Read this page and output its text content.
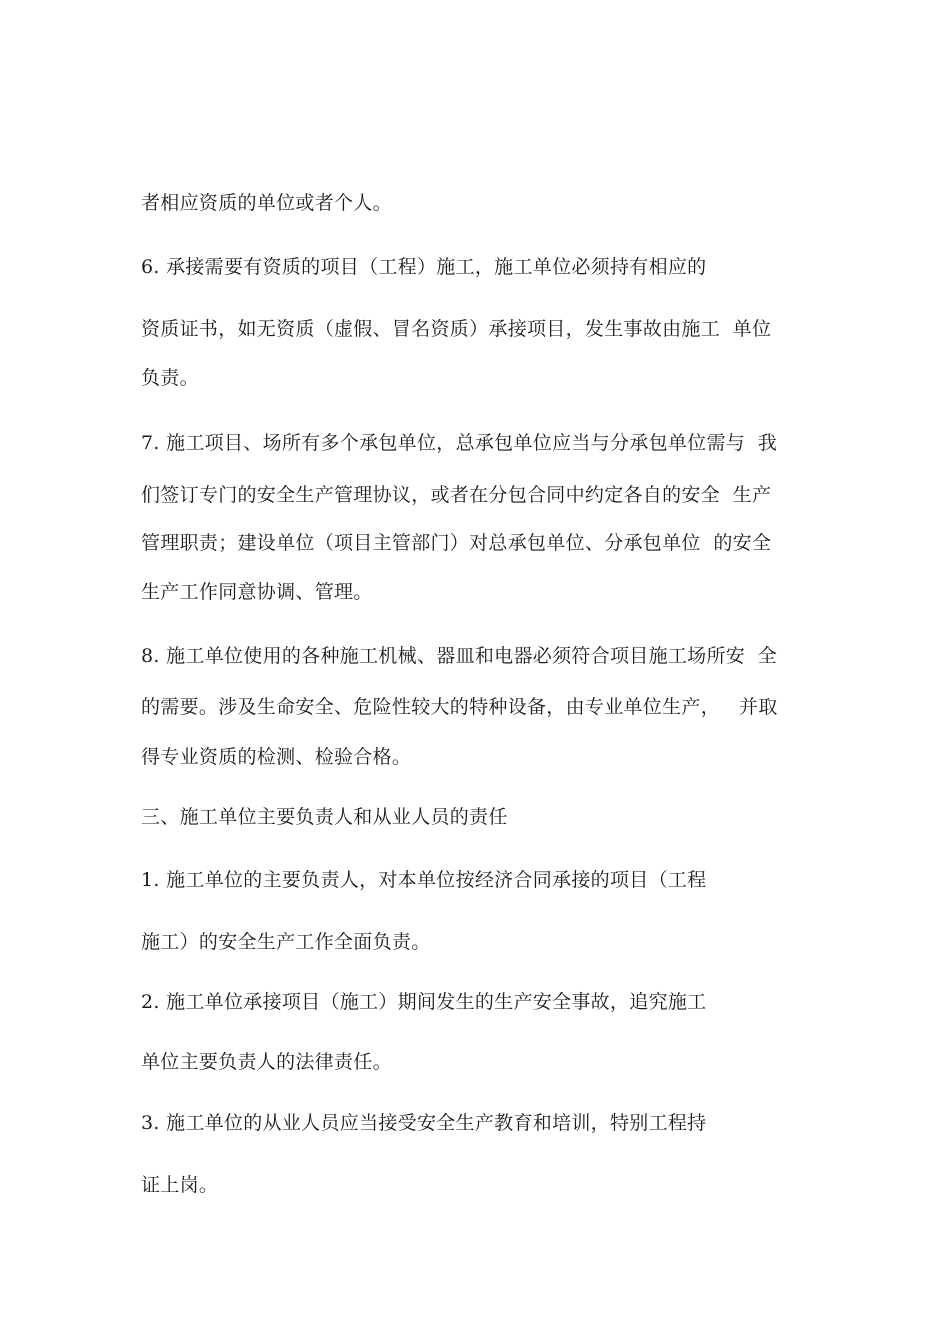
者相应资质的单位或者个人。
6. 承接需要有资质的项目（工程）施工，施工单位必须持有相应的
资质证书，如无资质（虚假、冒名资质）承接项目，发生事故由施工  单位
负责。
7. 施工项目、场所有多个承包单位，总承包单位应当与分承包单位需与  我
们签订专门的安全生产管理协议，或者在分包合同中约定各自的安全  生产
管理职责；建设单位（项目主管部门）对总承包单位、分承包单位  的安全
生产工作同意协调、管理。
8. 施工单位使用的各种施工机械、器皿和电器必须符合项目施工场所安  全
的需要。涉及生命安全、危险性较大的特种设备，由专业单位生产，   并取
得专业资质的检测、检验合格。
三、施工单位主要负责人和从业人员的责任
1. 施工单位的主要负责人，对本单位按经济合同承接的项目（工程
施工）的安全生产工作全面负责。
2. 施工单位承接项目（施工）期间发生的生产安全事故，追究施工
单位主要负责人的法律责任。
3. 施工单位的从业人员应当接受安全生产教育和培训，特别工程持
证上岗。
